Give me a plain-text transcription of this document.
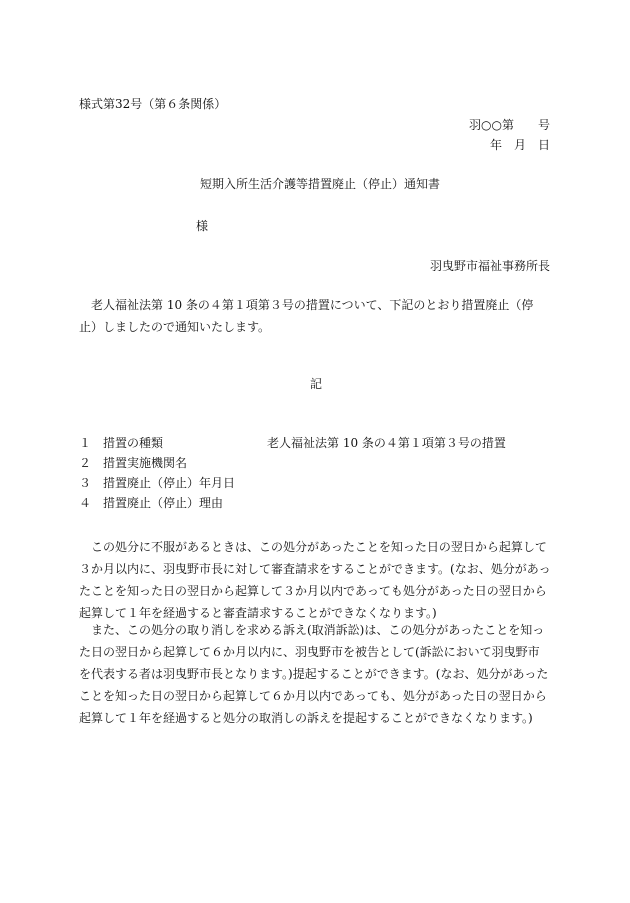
様式第32号（第６条関係）
羽○○第　　号
年　月　日
短期入所生活介護等措置廃止（停止）通知書
様
羽曳野市福祉事務所長
　老人福祉法第 10 条の４第１項第３号の措置について、下記のとおり措置廃止（停止）しましたので通知いたします。
記
１ 措置の種類	老人福祉法第 10 条の４第１項第３号の措置
２ 措置実施機関名
３ 措置廃止（停止）年月日
４ 措置廃止（停止）理由
　この処分に不服があるときは、この処分があったことを知った日の翌日から起算して３か月以内に、羽曳野市長に対して審査請求をすることができます。(なお、処分があったことを知った日の翌日から起算して３か月以内であっても処分があった日の翌日から起算して１年を経過すると審査請求することができなくなります。)
　また、この処分の取り消しを求める訴え(取消訴訟)は、この処分があったことを知った日の翌日から起算して６か月以内に、羽曳野市を被告として(訴訟において羽曳野市を代表する者は羽曳野市長となります。)提起することができます。(なお、処分があったことを知った日の翌日から起算して６か月以内であっても、処分があった日の翌日から起算して１年を経過すると処分の取消しの訴えを提起することができなくなります。)
